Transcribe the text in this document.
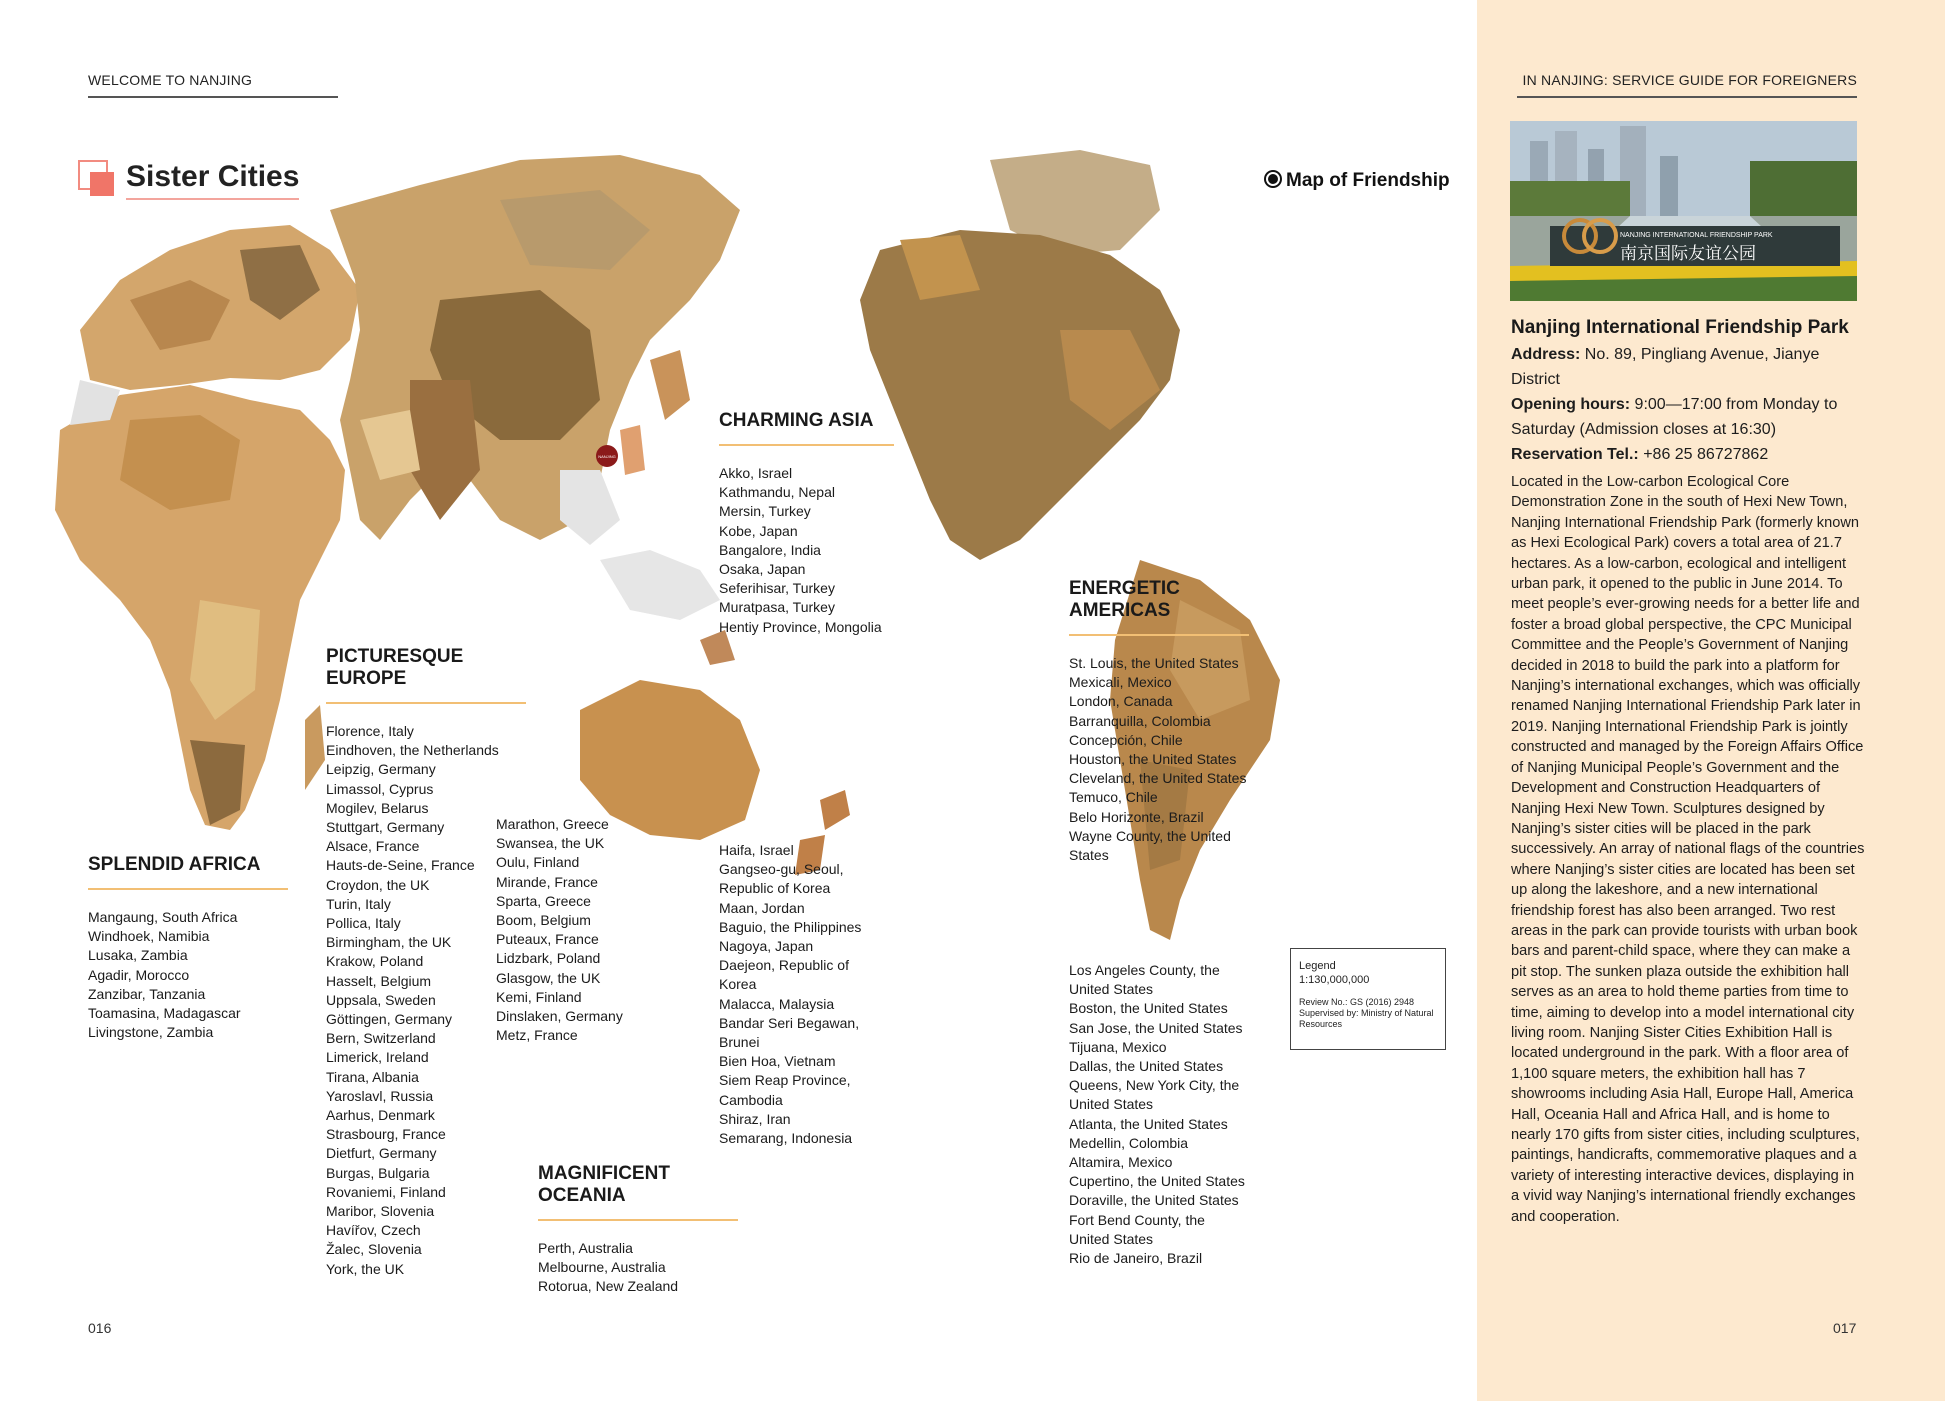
WELCOME TO NANJING	IN NANJING: SERVICE GUIDE FOR FOREIGNERS
NANJING
Sister Cities	Map of Friendship
SPLENDID AFRICA
Mangaung, South Africa
Windhoek, Namibia
Lusaka, Zambia
Agadir, Morocco
Zanzibar, Tanzania
Toamasina, Madagascar
Livingstone, Zambia
PICTURESQUE
EUROPE
Florence, Italy
Eindhoven, the Netherlands
Leipzig, Germany
Limassol, Cyprus
Mogilev, Belarus
Stuttgart, Germany
Alsace, France
Hauts-de-Seine, France
Croydon, the UK
Turin, Italy
Pollica, Italy
Birmingham, the UK
Krakow, Poland
Hasselt, Belgium
Uppsala, Sweden
Göttingen, Germany
Bern, Switzerland
Limerick, Ireland
Tirana, Albania
Yaroslavl, Russia
Aarhus, Denmark
Strasbourg, France
Dietfurt, Germany
Burgas, Bulgaria
Rovaniemi, Finland
Maribor, Slovenia
Havířov, Czech
Žalec, Slovenia
York, the UK
Marathon, Greece
Swansea, the UK
Oulu, Finland
Mirande, France
Sparta, Greece
Boom, Belgium
Puteaux, France
Lidzbark, Poland
Glasgow, the UK
Kemi, Finland
Dinslaken, Germany
Metz, France
MAGNIFICENT
OCEANIA
Perth, Australia
Melbourne, Australia
Rotorua, New Zealand
CHARMING ASIA
Akko, Israel
Kathmandu, Nepal
Mersin, Turkey
Kobe, Japan
Bangalore, India
Osaka, Japan
Seferihisar, Turkey
Muratpasa, Turkey
Hentiy Province, Mongolia
Haifa, Israel
Gangseo-gu, Seoul,
Republic of Korea
Maan, Jordan
Baguio, the Philippines
Nagoya, Japan
Daejeon, Republic of
Korea
Malacca, Malaysia
Bandar Seri Begawan,
Brunei
Bien Hoa, Vietnam
Siem Reap Province,
Cambodia
Shiraz, Iran
Semarang, Indonesia
ENERGETIC
AMERICAS
St. Louis, the United States
Mexicali, Mexico
London, Canada
Barranquilla, Colombia
Concepción, Chile
Houston, the United States
Cleveland, the United States
Temuco, Chile
Belo Horizonte, Brazil
Wayne County, the United
States
Los Angeles County, the
United States
Boston, the United States
San Jose, the United States
Tijuana, Mexico
Dallas, the United States
Queens, New York City, the
United States
Atlanta, the United States
Medellin, Colombia
Altamira, Mexico
Cupertino, the United States
Doraville, the United States
Fort Bend County, the
United States
Rio de Janeiro, Brazil
Legend
1:130,000,000
Review No.: GS (2016) 2948
Supervised by: Ministry of Natural Resources
NANJING INTERNATIONAL FRIENDSHIP PARK
南京国际友谊公园
Nanjing International Friendship Park
Address: No. 89, Pingliang Avenue, Jianye District
Opening hours: 9:00—17:00 from Monday to Saturday (Admission closes at 16:30)
Reservation Tel.: +86 25 86727862
Located in the Low-carbon Ecological Core Demonstration Zone in the south of Hexi New Town, Nanjing International Friendship Park (formerly known as Hexi Ecological Park) covers a total area of 21.7 hectares. As a low-carbon, ecological and intelligent urban park, it opened to the public in June 2014. To meet people’s ever-growing needs for a better life and foster a broad global perspective, the CPC Municipal Committee and the People’s Government of Nanjing decided in 2018 to build the park into a platform for Nanjing’s international exchanges, which was officially renamed Nanjing International Friendship Park later in 2019. Nanjing International Friendship Park is jointly constructed and managed by the Foreign Affairs Office of Nanjing Municipal People’s Government and the Development and Construction Headquarters of Nanjing Hexi New Town. Sculptures designed by Nanjing’s sister cities will be placed in the park successively. An array of national flags of the countries where Nanjing’s sister cities are located has been set up along the lakeshore, and a new international friendship forest has also been arranged. Two rest areas in the park can provide tourists with urban book bars and parent-child space, where they can make a pit stop. The sunken plaza outside the exhibition hall serves as an area to hold theme parties from time to time, aiming to develop into a model international city living room. Nanjing Sister Cities Exhibition Hall is located underground in the park. With a floor area of 1,100 square meters, the exhibition hall has 7 showrooms including Asia Hall, Europe Hall, America Hall, Oceania Hall and Africa Hall, and is home to nearly 170 gifts from sister cities, including sculptures, paintings, handicrafts, commemorative plaques and a variety of interesting interactive devices, displaying in a vivid way Nanjing’s international friendly exchanges and cooperation.
016	017
